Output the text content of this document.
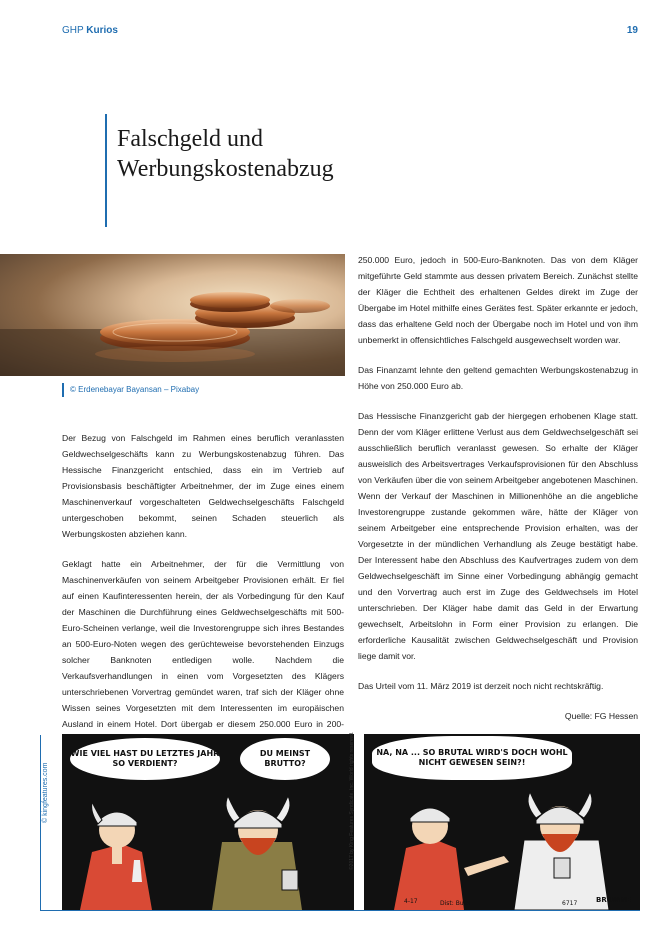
GHP Kurios	19
Falschgeld und
Werbungskostenabzug
© Erdenebayar Bayansan – Pixabay

Der Bezug von Falschgeld im Rahmen eines beruflich veranlassten Geldwechselgeschäfts kann zu Werbungskostenabzug führen. Das Hessische Finanzgericht entschied, dass ein im Vertrieb auf Provisionsbasis beschäftigter Arbeitnehmer, der im Zuge eines einem Maschinenverkauf vorgeschalteten Geldwechselgeschäfts Falschgeld untergeschoben bekommt, seinen Schaden steuerlich als Werbungskosten abziehen kann.

Geklagt hatte ein Arbeitnehmer, der für die Vermittlung von Maschinenverkäufen von seinem Arbeitgeber Provisionen erhält. Er fiel auf einen Kaufinteressenten herein, der als Vorbedingung für den Kauf der Maschinen die Durchführung eines Geldwechselgeschäfts mit 500-Euro-Scheinen verlange, weil die Investorengruppe sich ihres Bestandes an 500-Euro-Noten wegen des gerüchteweise bevorstehenden Einzugs solcher Banknoten entledigen wolle. Nachdem die Verkaufsverhandlungen in einen vom Vorgesetzten des Klägers unterschriebenen Vorvertrag gemündet waren, traf sich der Kläger ohne Wissen seines Vorgesetzten mit dem Interessenten im europäischen Ausland in einem Hotel. Dort übergab er diesem 250.000 Euro in 200-

250.000 Euro, jedoch in 500-Euro-Banknoten. Das von dem Kläger mitgeführte Geld stammte aus dessen privatem Bereich. Zunächst stellte der Kläger die Echtheit des erhaltenen Geldes direkt im Zuge der Übergabe im Hotel mithilfe eines Gerätes fest. Später erkannte er jedoch, dass das erhaltene Geld noch der Übergabe noch im Hotel und von ihm unbemerkt in offensichtliches Falschgeld ausgewechselt worden war.

Das Finanzamt lehnte den geltend gemachten Werbungskostenabzug in Höhe von 250.000 Euro ab.

Das Hessische Finanzgericht gab der hiergegen erhobenen Klage statt. Denn der vom Kläger erlittene Verlust aus dem Geldwechselgeschäft sei ausschließlich beruflich veranlasst gewesen. So erhalte der Kläger ausweislich des Arbeitsvertrages Verkaufsprovisionen für den Abschluss von Verkäufen über die von seinem Arbeitgeber angebotenen Maschinen. Wenn der Verkauf der Maschinen in Millionenhöhe an die angebliche Investorengruppe zustande gekommen wäre, hätte der Kläger von seinem Arbeitgeber eine entsprechende Provision erhalten, was der Vorgesetzte in der mündlichen Verhandlung als Zeuge bestätigt habe. Der Interessent habe den Abschluss des Kaufvertrages zudem von dem Geldwechselgeschäft im Sinne einer Vorbedingung abhängig gemacht und den Vorvertrag auch erst im Zuge des Geldwechsels im Hotel unterschrieben. Der Kläger habe damit das Geld in der Erwartung gewechselt, Arbeitslohn in Form einer Provision zu erlangen. Die erforderliche Kausalität zwischen Geldwechselgeschäft und Provision liege damit vor.

Das Urteil vom 11. März 2019 ist derzeit noch nicht rechtskräftig.

Quelle: FG Hessen

© kingfeatures.com
WIE VIEL HAST DU LETZTES JAHR SO VERDIENT?
DU MEINST BRUTTO?	©2017 by King Features Syndicate, Inc. World rights reserved.	NA, NA ... SO BRUTAL WIRD'S DOCH WOHL NICHT GEWESEN SEIN?!
4-17	Dist: Bulls	6717	BROWNE
